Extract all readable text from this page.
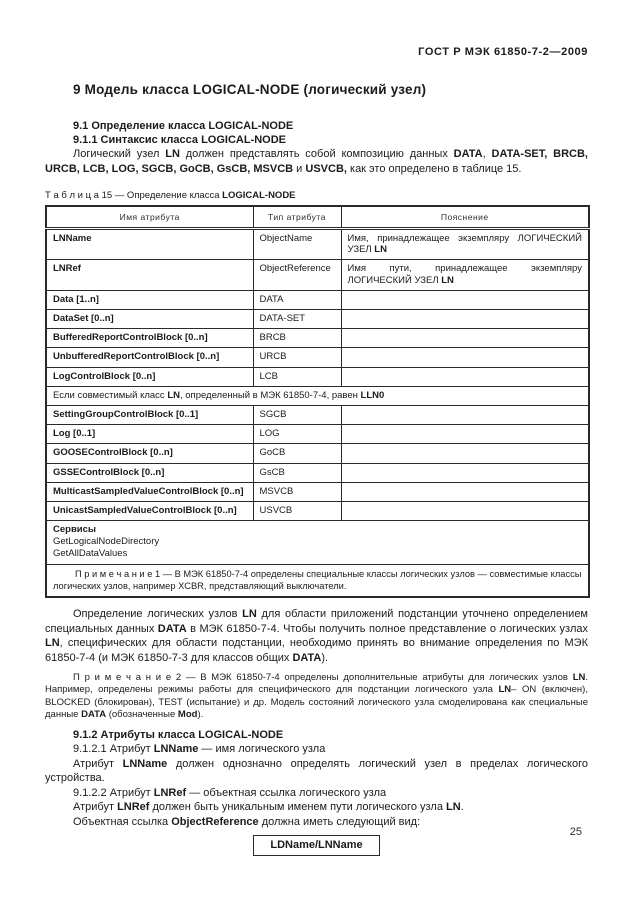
ГОСТ Р МЭК 61850-7-2—2009
9 Модель класса LOGICAL-NODE (логический узел)
9.1 Определение класса LOGICAL-NODE
9.1.1 Синтаксис класса LOGICAL-NODE
Логический узел LN должен представлять собой композицию данных DATA, DATA-SET, BRCB, URCB, LCB, LOG, SGCB, GoCB, GsCB, MSVCB и USVCB, как это определено в таблице 15.
Т а б л и ц а 15 — Определение класса LOGICAL-NODE
Имя атрибута	Тип атрибута	Пояснение
LNName	ObjectName	Имя, принадлежащее экземпляру ЛОГИЧЕСКИЙ УЗЕЛ LN
LNRef	ObjectReference	Имя пути, принадлежащее экземпляру ЛОГИЧЕСКИЙ УЗЕЛ LN
Data [1..n]	DATA	
DataSet [0..n]	DATA-SET	
BufferedReportControlBlock [0..n]	BRCB	
UnbufferedReportControlBlock [0..n]	URCB	
LogControlBlock [0..n]	LCB	
Если совместимый класс LN, определенный в МЭК 61850-7-4, равен LLN0		
SettingGroupControlBlock [0..1]	SGCB	
Log [0..1]	LOG	
GOOSEControlBlock [0..n]	GoCB	
GSSEControlBlock [0..n]	GsCB	
MulticastSampledValueControlBlock [0..n]	MSVCB	
UnicastSampledValueControlBlock [0..n]	USVCB	

Сервисы
GetLogicalNodeDirectory
GetAllDataValues		

П р и м е ч а н и е 1 — В МЭК 61850-7-4 определены специальные классы логических узлов — совместимые классы логических узлов, например XCBR, представляющий выключатели.		
Определение логических узлов LN для области приложений подстанции уточнено определением специальных данных DATA в МЭК 61850-7-4. Чтобы получить полное представление о логических узлах LN, специфических для области подстанции, необходимо принять во внимание определения по МЭК 61850-7-4 (и МЭК 61850-7-3 для классов общих DATA).
П р и м е ч а н и е 2 — В МЭК 61850-7-4 определены дополнительные атрибуты для логических узлов LN. Например, определены режимы работы для специфического для подстанции логического узла LN– ON (включен), BLOCKED (блокирован), TEST (испытание) и др. Модель состояний логического узла смоделирована как специальные данные DATA (обозначенные Mod).
9.1.2 Атрибуты класса LOGICAL-NODE
9.1.2.1 Атрибут LNName — имя логического узла
Атрибут LNName должен однозначно определять логический узел в пределах логического устройства.
9.1.2.2 Атрибут LNRef — объектная ссылка логического узла
Атрибут LNRef должен быть уникальным именем пути логического узла LN.
Объектная ссылка ObjectReference должна иметь следующий вид:
LDName/LNName
25
